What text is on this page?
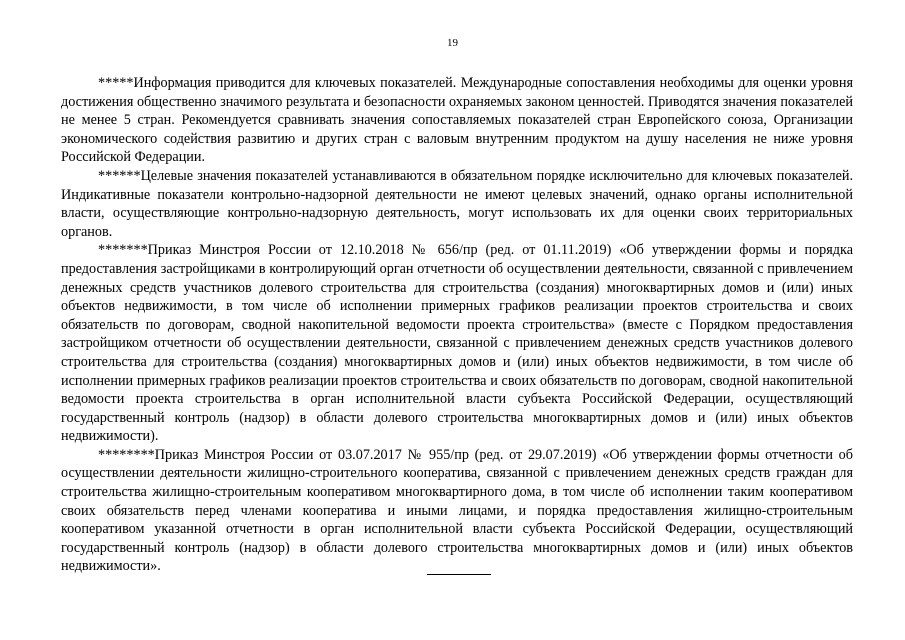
19

*****Информация приводится для ключевых показателей. Международные сопоставления необходимы для оценки уровня достижения общественно значимого результата и безопасности охраняемых законом ценностей. Приводятся значения показателей не менее 5 стран. Рекомендуется сравнивать значения сопоставляемых показателей стран Европейского союза, Организации экономического содействия развитию и других стран с валовым внутренним продуктом на душу населения не ниже уровня Российской Федерации.

******Целевые значения показателей устанавливаются в обязательном порядке исключительно для ключевых показателей. Индикативные показатели контрольно-надзорной деятельности не имеют целевых значений, однако органы исполнительной власти, осуществляющие контрольно-надзорную деятельность, могут использовать их для оценки своих территориальных органов.

*******Приказ Минстроя России от 12.10.2018 № 656/пр (ред. от 01.11.2019) «Об утверждении формы и порядка предоставления застройщиками в контролирующий орган отчетности об осуществлении деятельности, связанной с привлечением денежных средств участников долевого строительства для строительства (создания) многоквартирных домов и (или) иных объектов недвижимости, в том числе об исполнении примерных графиков реализации проектов строительства и своих обязательств по договорам, сводной накопительной ведомости проекта строительства» (вместе с Порядком предоставления застройщиком отчетности об осуществлении деятельности, связанной с привлечением денежных средств участников долевого строительства для строительства (создания) многоквартирных домов и (или) иных объектов недвижимости, в том числе об исполнении примерных графиков реализации проектов строительства и своих обязательств по договорам, сводной накопительной ведомости проекта строительства в орган исполнительной власти субъекта Российской Федерации, осуществляющий государственный контроль (надзор) в области долевого строительства многоквартирных домов и (или) иных объектов недвижимости).

********Приказ Минстроя России от 03.07.2017 № 955/пр (ред. от 29.07.2019) «Об утверждении формы отчетности об осуществлении деятельности жилищно-строительного кооператива, связанной с привлечением денежных средств граждан для строительства жилищно-строительным кооперативом многоквартирного дома, в том числе об исполнении таким кооперативом своих обязательств перед членами кооператива и иными лицами, и порядка предоставления жилищно-строительным кооперативом указанной отчетности в орган исполнительной власти субъекта Российской Федерации, осуществляющий государственный контроль (надзор) в области долевого строительства многоквартирных домов и (или) иных объектов недвижимости».
